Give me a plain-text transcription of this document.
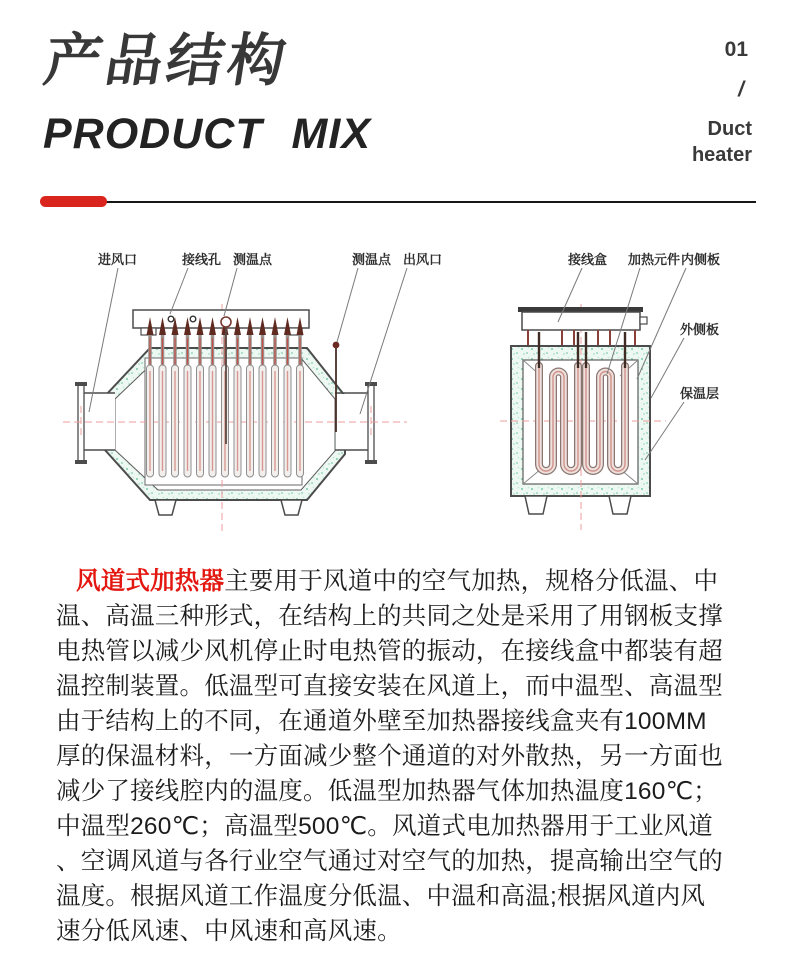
产品结构
PRODUCT MIX
01
/
Duct
heater
进风口	接线孔 测温点	测温点 出风口	接线盒 加热元件 内侧板
外侧板
保温层
风道式加热器主要用于风道中的空气加热，规格分低温、中
温、高温三种形式，在结构上的共同之处是采用了用钢板支撑
电热管以减少风机停止时电热管的振动，在接线盒中都装有超
温控制装置。低温型可直接安装在风道上，而中温型、高温型
由于结构上的不同，在通道外壁至加热器接线盒夹有100MM
厚的保温材料，一方面减少整个通道的对外散热，另一方面也
减少了接线腔内的温度。低温型加热器气体加热温度160℃；
中温型260℃；高温型500℃。风道式电加热器用于工业风道
、空调风道与各行业空气通过对空气的加热，提高输出空气的
温度。根据风道工作温度分低温、中温和高温;根据风道内风
速分低风速、中风速和高风速。
